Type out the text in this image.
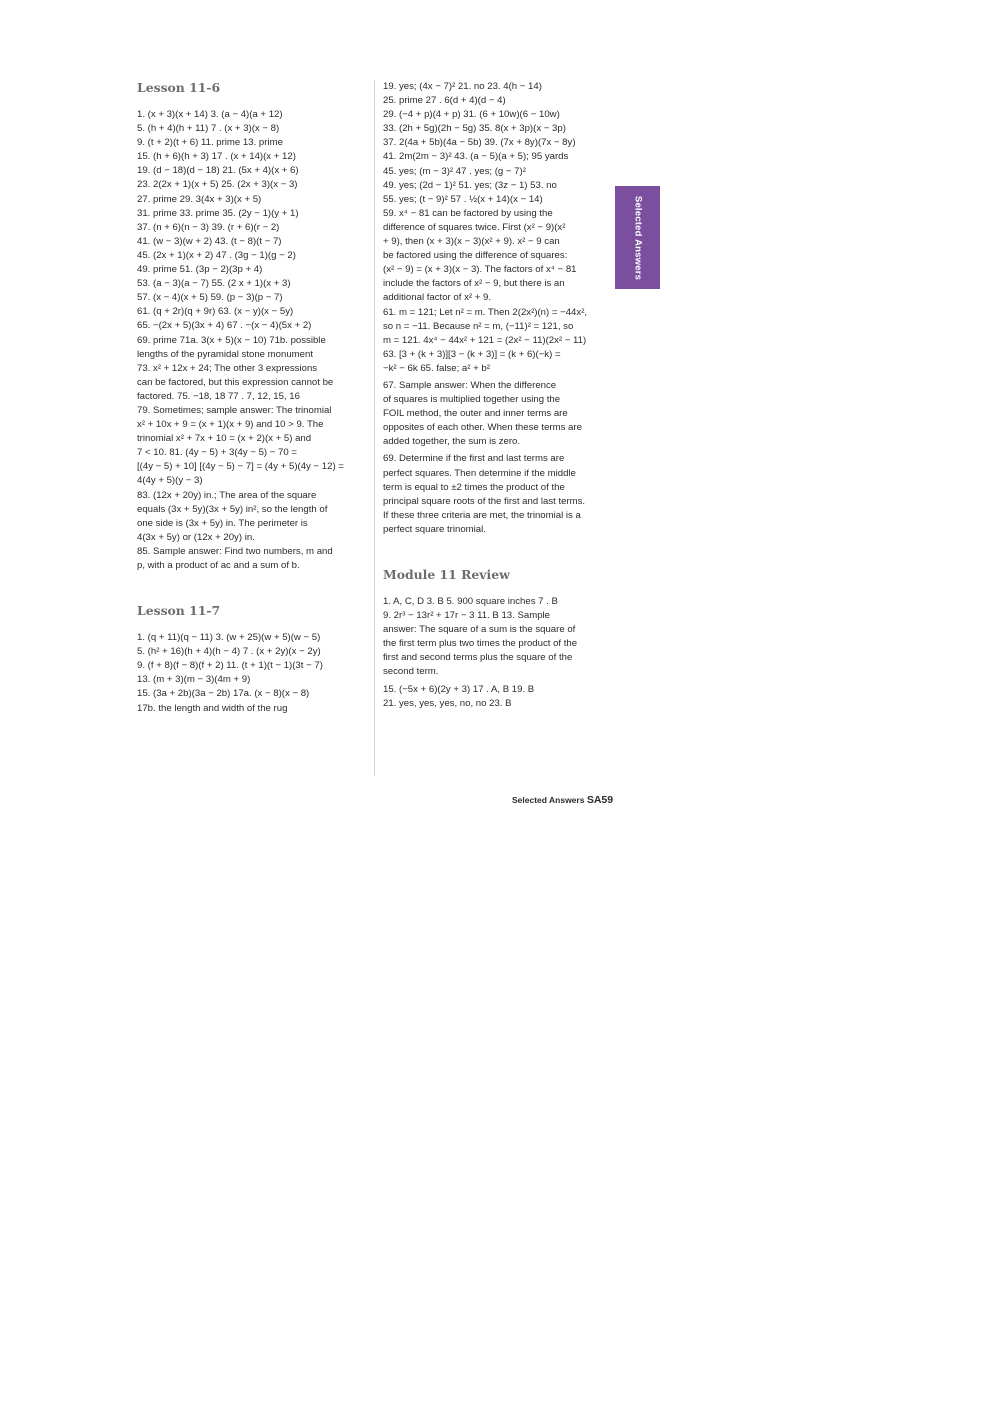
Lesson 11-6
1. (x + 3)(x + 14) 3. (a − 4)(a + 12)
5. (h + 4)(h + 11) 7 . (x + 3)(x − 8)
9. (t + 2)(t + 6) 11. prime 13. prime
15. (h + 6)(h + 3) 17 . (x + 14)(x + 12)
19. (d − 18)(d − 18) 21. (5x + 4)(x + 6)
23. 2(2x + 1)(x + 5) 25. (2x + 3)(x − 3)
27. prime 29. 3(4x + 3)(x + 5)
31. prime 33. prime 35. (2y − 1)(y + 1)
37. (n + 6)(n − 3) 39. (r + 6)(r − 2)
41. (w − 3)(w + 2) 43. (t − 8)(t − 7)
45. (2x + 1)(x + 2) 47 . (3g − 1)(g − 2)
49. prime 51. (3p − 2)(3p + 4)
53. (a − 3)(a − 7) 55. (2 x + 1)(x + 3)
57. (x − 4)(x + 5) 59. (p − 3)(p − 7)
61. (q + 2r)(q + 9r) 63. (x − y)(x − 5y)
65. −(2x + 5)(3x + 4) 67 . −(x − 4)(5x + 2)
69. prime 71a. 3(x + 5)(x − 10) 71b. possible
lengths of the pyramidal stone monument
73. x² + 12x + 24; The other 3 expressions
can be factored, but this expression cannot be
factored. 75. −18, 18 77 . 7, 12, 15, 16
79. Sometimes; sample answer: The trinomial
x² + 10x + 9 = (x + 1)(x + 9) and 10 > 9. The
trinomial x² + 7x + 10 = (x + 2)(x + 5) and
7 < 10. 81. (4y − 5) + 3(4y − 5) − 70 =
[(4y − 5) + 10] [(4y − 5) − 7] = (4y + 5)(4y − 12) =
4(4y + 5)(y − 3)
83. (12x + 20y) in.; The area of the square
equals (3x + 5y)(3x + 5y) in², so the length of
one side is (3x + 5y) in. The perimeter is
4(3x + 5y) or (12x + 20y) in.
85. Sample answer: Find two numbers, m and
p, with a product of ac and a sum of b.
Lesson 11-7
1. (q + 11)(q − 11) 3. (w + 25)(w + 5)(w − 5)
5. (h² + 16)(h + 4)(h − 4) 7 . (x + 2y)(x − 2y)
9. (f + 8)(f − 8)(f + 2) 11. (t + 1)(t − 1)(3t − 7)
13. (m + 3)(m − 3)(4m + 9)
15. (3a + 2b)(3a − 2b) 17a. (x − 8)(x − 8)
17b. the length and width of the rug
19. yes; (4x − 7)² 21. no 23. 4(h − 14)
25. prime 27 . 6(d + 4)(d − 4)
29. (−4 + p)(4 + p) 31. (6 + 10w)(6 − 10w)
33. (2h + 5g)(2h − 5g) 35. 8(x + 3p)(x − 3p)
37. 2(4a + 5b)(4a − 5b) 39. (7x + 8y)(7x − 8y)
41. 2m(2m − 3)² 43. (a − 5)(a + 5); 95 yards
45. yes; (m − 3)² 47 . yes; (g − 7)²
49. yes; (2d − 1)² 51. yes; (3z − 1) 53. no
55. yes; (t − 9)² 57 . ½(x + 14)(x − 14)
59. x⁴ − 81 can be factored by using the
difference of squares twice. First (x² − 9)(x²
+ 9), then (x + 3)(x − 3)(x² + 9). x² − 9 can
be factored using the difference of squares:
(x² − 9) = (x + 3)(x − 3). The factors of x⁴ − 81
include the factors of x² − 9, but there is an
additional factor of x² + 9.
61. m = 121; Let n² = m. Then 2(2x²)(n) = −44x²,
so n = −11. Because n² = m, (−11)² = 121, so
m = 121. 4x⁴ − 44x² + 121 = (2x² − 11)(2x² − 11)
63. [3 + (k + 3)][3 − (k + 3)] = (k + 6)(−k) =
−k² − 6k 65. false; a² + b²
67. Sample answer: When the difference
of squares is multiplied together using the
FOIL method, the outer and inner terms are
opposites of each other. When these terms are
added together, the sum is zero.
69. Determine if the first and last terms are
perfect squares. Then determine if the middle
term is equal to ±2 times the product of the
principal square roots of the first and last terms.
If these three criteria are met, the trinomial is a
perfect square trinomial.
Module 11 Review
1. A, C, D 3. B 5. 900 square inches 7 . B
9. 2r³ − 13r² + 17r − 3 11. B 13. Sample
answer: The square of a sum is the square of
the first term plus two times the product of the
first and second terms plus the square of the
second term.
15. (−5x + 6)(2y + 3) 17 . A, B 19. B
21. yes, yes, yes, no, no 23. B
Selected Answers
Selected Answers SA59
